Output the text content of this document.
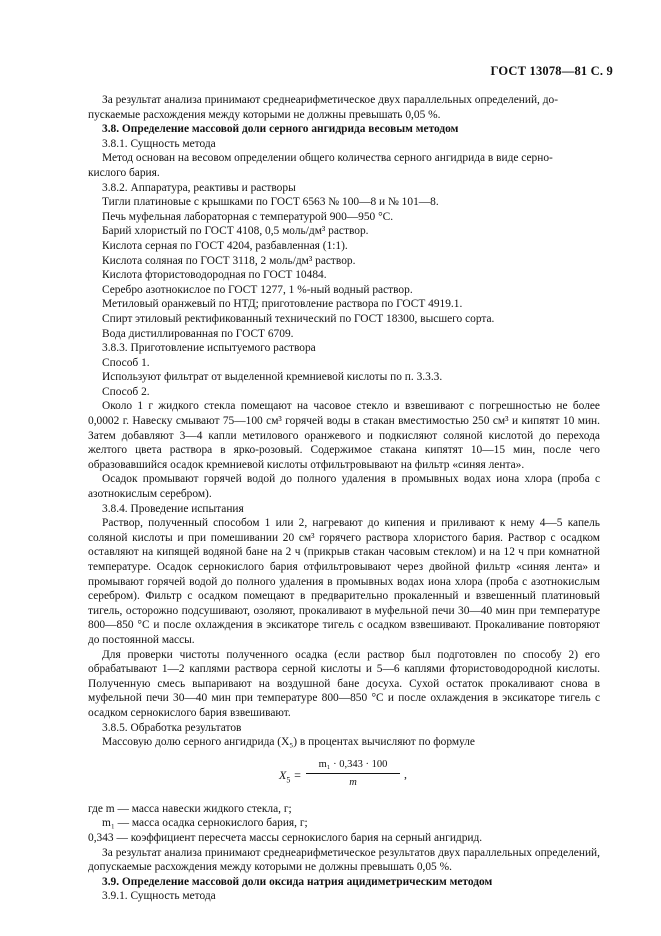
ГОСТ 13078—81 С. 9

За результат анализа принимают среднеарифметическое двух параллельных определений, до-

пускаемые расхождения между которыми не должны превышать 0,05 %.

3.8. Определение массовой доли серного ангидрида весовым методом

3.8.1. Сущность метода

Метод основан на весовом определении общего количества серного ангидрида в виде серно-

кислого бария.

3.8.2. Аппаратура, реактивы и растворы

Тигли платиновые с крышками по ГОСТ 6563 № 100—8 и № 101—8.

Печь муфельная лабораторная с температурой 900—950 °С.

Барий хлористый по ГОСТ 4108, 0,5 моль/дм³ раствор.

Кислота серная по ГОСТ 4204, разбавленная (1:1).

Кислота соляная по ГОСТ 3118, 2 моль/дм³ раствор.

Кислота фтористоводородная по ГОСТ 10484.

Серебро азотнокислое по ГОСТ 1277, 1 %-ный водный раствор.

Метиловый оранжевый по НТД; приготовление раствора по ГОСТ 4919.1.

Спирт этиловый ректификованный технический по ГОСТ 18300, высшего сорта.

Вода дистиллированная по ГОСТ 6709.

3.8.3. Приготовление испытуемого раствора

Способ 1.

Используют фильтрат от выделенной кремниевой кислоты по п. 3.3.3.

Способ 2.

Около 1 г жидкого стекла помещают на часовое стекло и взвешивают с погрешностью не более 0,0002 г. Навеску смывают 75—100 см³ горячей воды в стакан вместимостью 250 см³ и кипятят 10 мин. Затем добавляют 3—4 капли метилового оранжевого и подкисляют соляной кислотой до перехода желтого цвета раствора в ярко-розовый. Содержимое стакана кипятят 10—15 мин, после чего образовавшийся осадок кремниевой кислоты отфильтровывают на фильтр «синяя лента».

Осадок промывают горячей водой до полного удаления в промывных водах иона хлора (проба с азотнокислым серебром).

3.8.4. Проведение испытания

Раствор, полученный способом 1 или 2, нагревают до кипения и приливают к нему 4—5 капель соляной кислоты и при помешивании 20 см³ горячего раствора хлористого бария. Раствор с осадком оставляют на кипящей водяной бане на 2 ч (прикрыв стакан часовым стеклом) и на 12 ч при комнатной температуре. Осадок сернокислого бария отфильтровывают через двойной фильтр «синяя лента» и промывают горячей водой до полного удаления в промывных водах иона хлора (проба с азотнокислым серебром). Фильтр с осадком помещают в предварительно прокаленный и взвешенный платиновый тигель, осторожно подсушивают, озоляют, прокаливают в муфельной печи 30—40 мин при температуре 800—850 °С и после охлаждения в эксикаторе тигель с осадком взвешивают. Прокаливание повторяют до постоянной массы.

Для проверки чистоты полученного осадка (если раствор был подготовлен по способу 2) его обрабатывают 1—2 каплями раствора серной кислоты и 5—6 каплями фтористоводородной кислоты. Полученную смесь выпаривают на воздушной бане досуха. Сухой остаток прокаливают снова в муфельной печи 30—40 мин при температуре 800—850 °С и после охлаждения в эксикаторе тигель с осадком сернокислого бария взвешивают.

3.8.5. Обработка результатов

Массовую долю серного ангидрида (X₅) в процентах вычисляют по формуле

$X_5 = \frac{\text{m₁ · 0,343 · 100}}{m}$ ,

где m — масса навески жидкого стекла, г;

m₁ — масса осадка сернокислого бария, г;

0,343 — коэффициент пересчета массы сернокислого бария на серный ангидрид.

За результат анализа принимают среднеарифметическое результатов двух параллельных определений, допускаемые расхождения между которыми не должны превышать 0,05 %.

3.9. Определение массовой доли оксида натрия ацидиметрическим методом

3.9.1. Сущность метода
